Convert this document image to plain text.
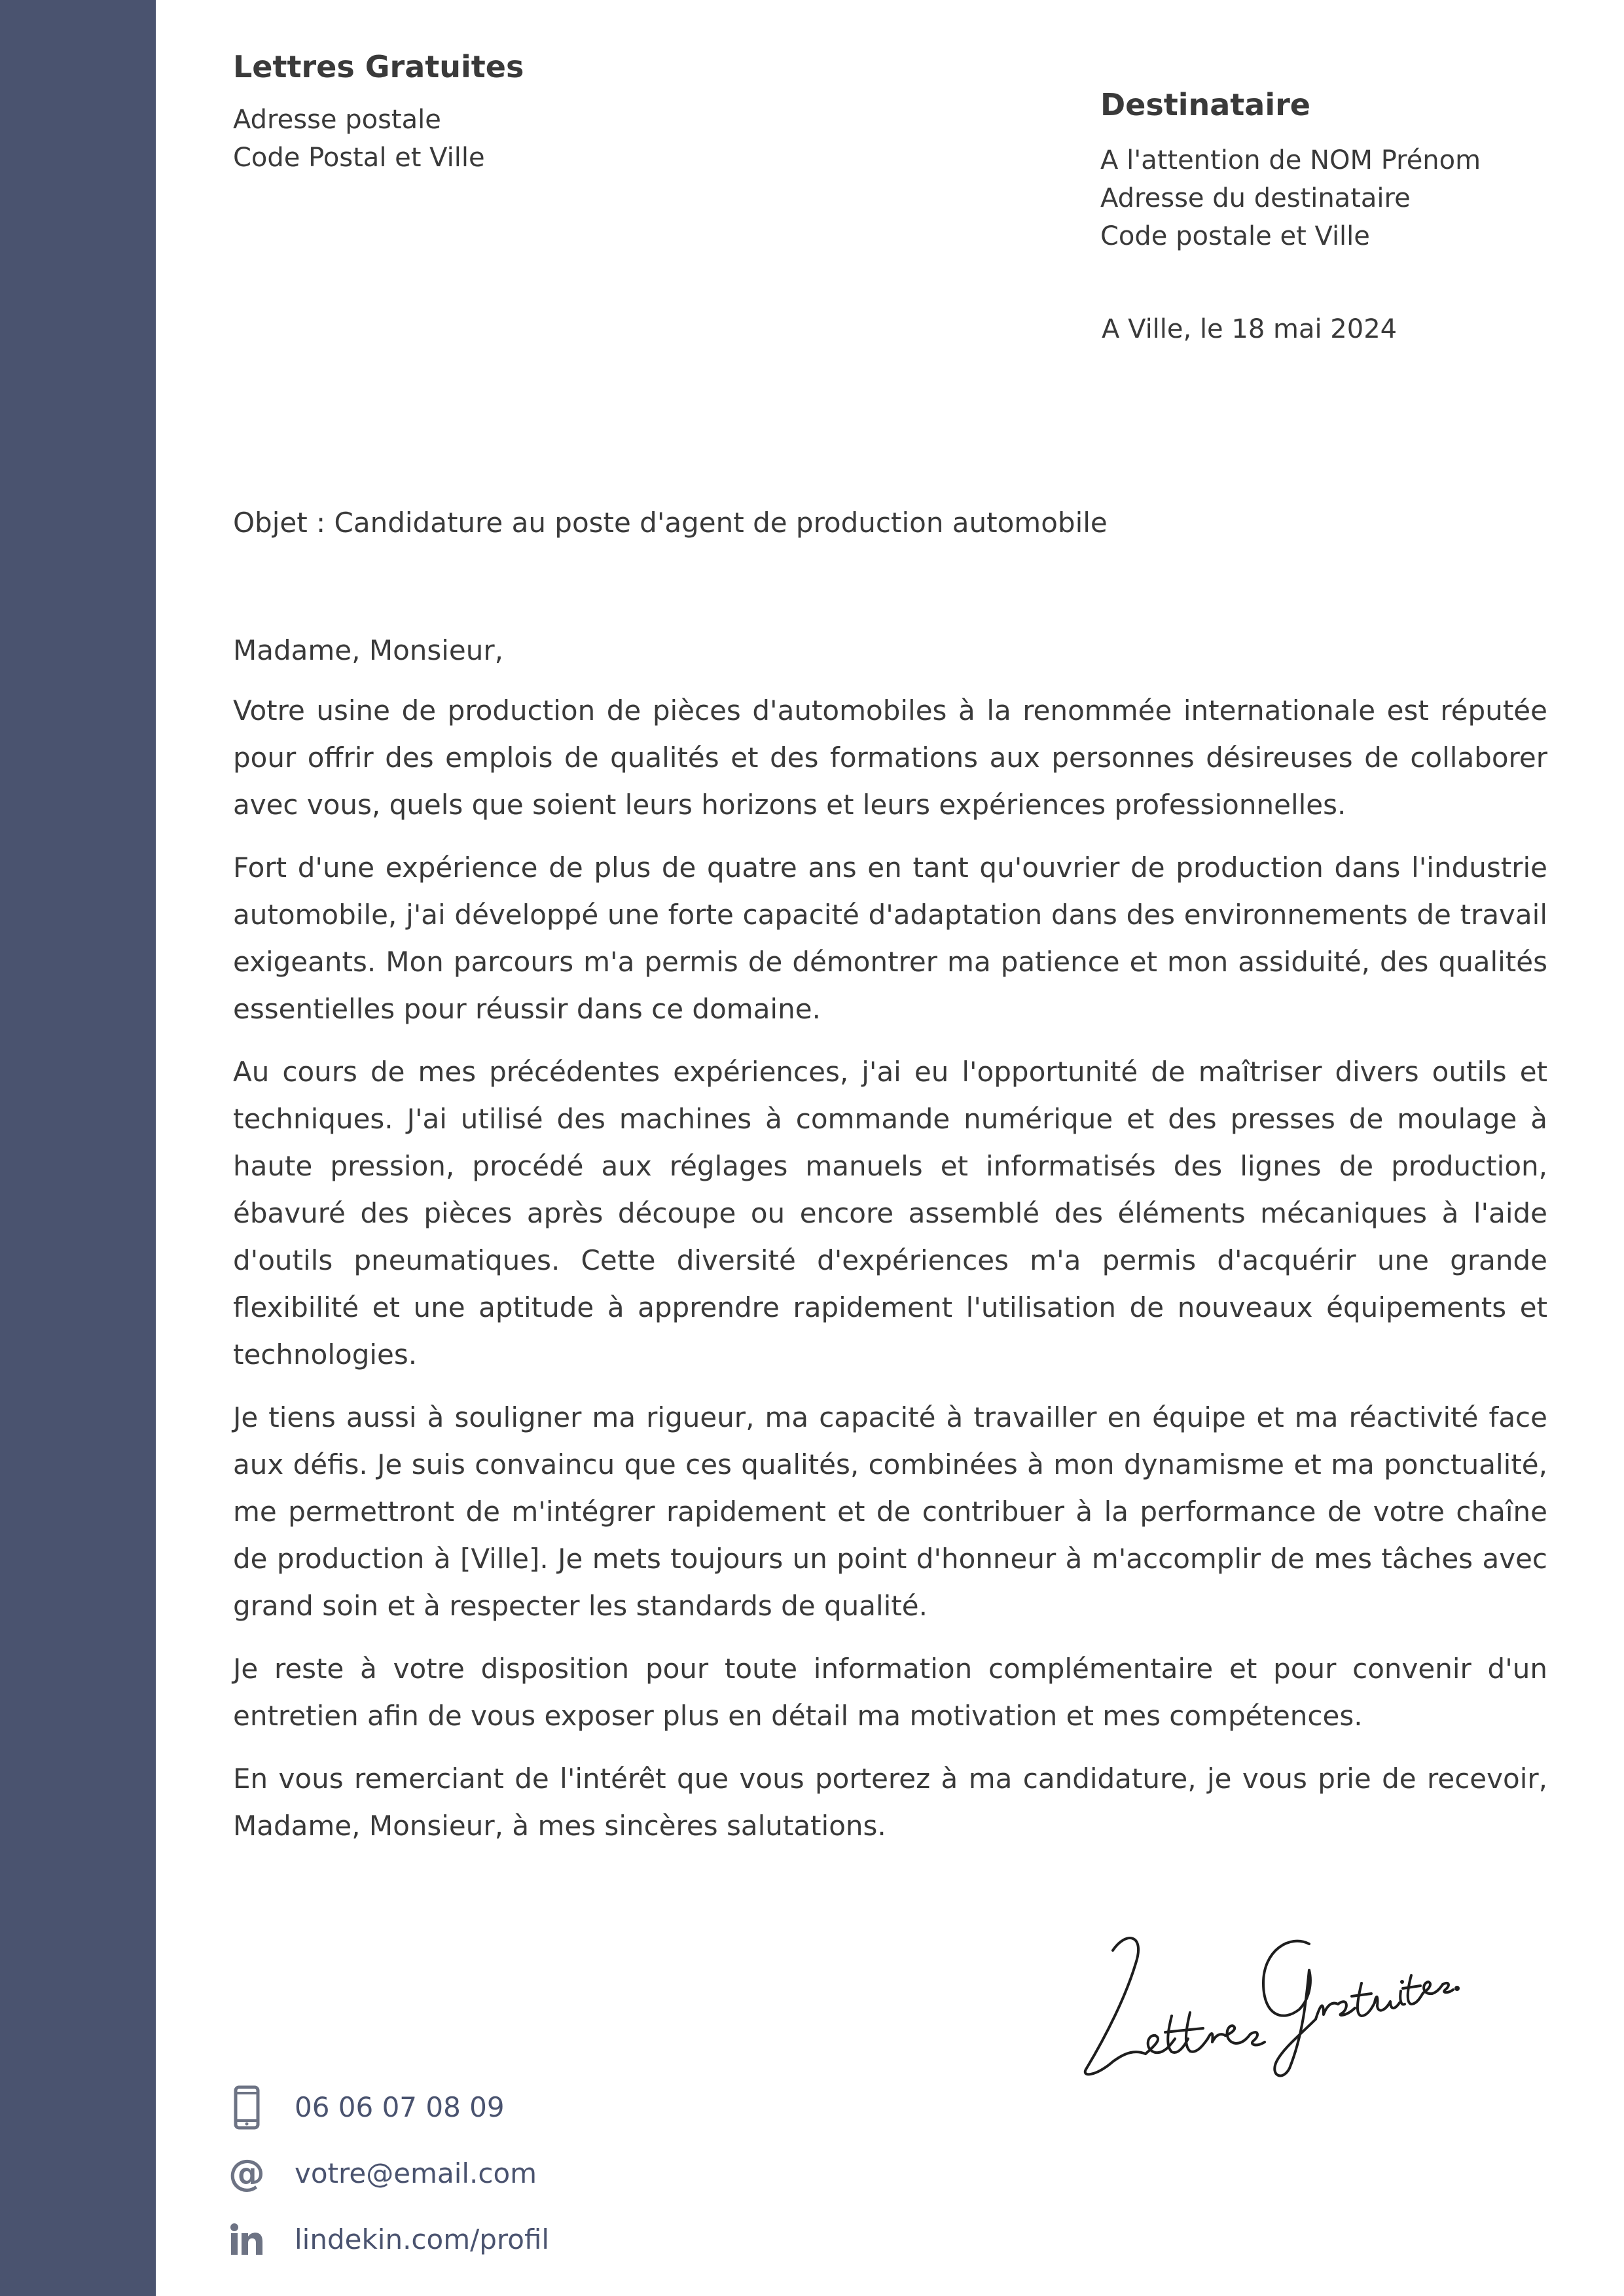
Lettres Gratuites
Adresse postale
Code Postal et Ville
Destinataire
A l'attention de NOM Prénom
Adresse du destinataire
Code postale et Ville
A Ville, le 18 mai 2024
Objet : Candidature au poste d'agent de production automobile

Madame, Monsieur,

Votre usine de production de pièces d'automobiles à la renommée internationale est réputée pour offrir des emplois de qualités et des formations aux personnes désireuses de collaborer avec vous, quels que soient leurs horizons et leurs expériences professionnelles.

Fort d'une expérience de plus de quatre ans en tant qu'ouvrier de production dans l'industrie automobile, j'ai développé une forte capacité d'adaptation dans des environnements de travail exigeants. Mon parcours m'a permis de démontrer ma patience et mon assiduité, des qualités essentielles pour réussir dans ce domaine.

Au cours de mes précédentes expériences, j'ai eu l'opportunité de maîtriser divers outils et techniques. J'ai utilisé des machines à commande numérique et des presses de moulage à haute pression, procédé aux réglages manuels et informatisés des lignes de production, ébavuré des pièces après découpe ou encore assemblé des éléments mécaniques à l'aide d'outils pneumatiques. Cette diversité d'expériences m'a permis d'acquérir une grande flexibilité et une aptitude à apprendre rapidement l'utilisation de nouveaux équipements et technologies.

Je tiens aussi à souligner ma rigueur, ma capacité à travailler en équipe et ma réactivité face aux défis. Je suis convaincu que ces qualités, combinées à mon dynamisme et ma ponctualité, me permettront de m'intégrer rapidement et de contribuer à la performance de votre chaîne de production à [Ville]. Je mets toujours un point d'honneur à m'accomplir de mes tâches avec grand soin et à respecter les standards de qualité.

Je reste à votre disposition pour toute information complémentaire et pour convenir d'un entretien afin de vous exposer plus en détail ma motivation et mes compétences.

En vous remerciant de l'intérêt que vous porterez à ma candidature, je vous prie de recevoir, Madame, Monsieur, à mes sincères salutations.

06 06 07 08 09
@ votre@email.com
lindekin.com/profil
